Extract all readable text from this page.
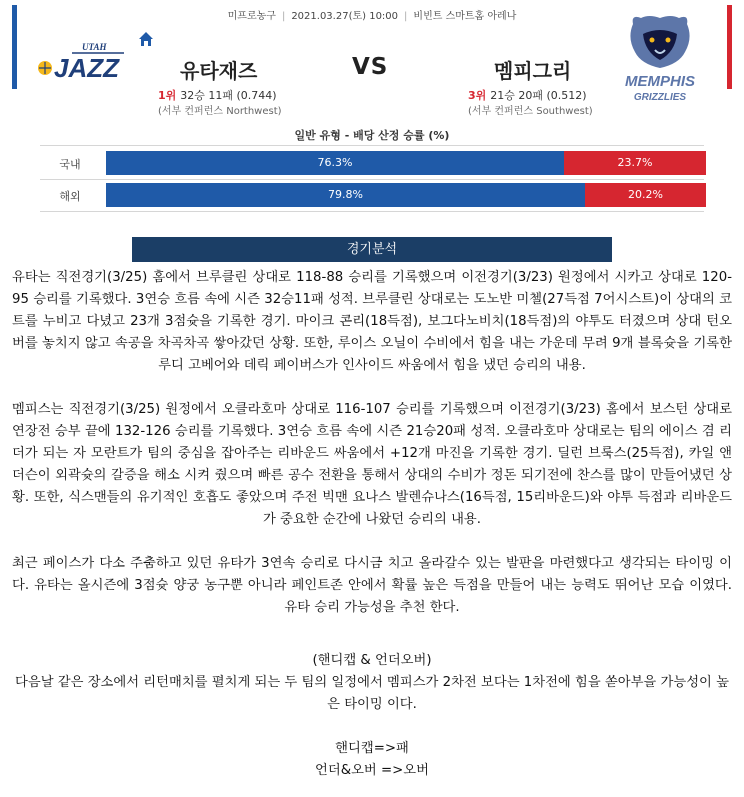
미프로농구 | 2021.03.27(토) 10:00 | 비빈트 스마트홈 아레나
UTAH
JAZZ	MEMPHIS
GRIZZLIES
유타재즈	VS	멤피그리
1위 32승 11패 (0.744)	3위 21승 20패 (0.512)
(서부 컨퍼런스 Northwest)	(서부 컨퍼런스 Southwest)
일반 유형 - 배당 산정 승률 (%)
국내	76.3%	23.7%
해외	79.8%	20.2%
경기분석

유타는 직전경기(3/25) 홈에서 브루클린 상대로 118-88 승리를 기록했으며 이전경기(3/23) 원정에서 시카고 상대로 120-95 승리를 기록했다. 3연승 흐름 속에 시즌 32승11패 성적. 브루클린 상대로는 도노반 미첼(27득점 7어시스트)이 상대의 코트를 누비고 다녔고 23개 3점슛을 기록한 경기. 마이크 콘리(18득점), 보그다노비치(18득점)의 야투도 터졌으며 상대 턴오버를 놓치지 않고 속공을 차곡차곡 쌓아갔던 상황. 또한, 루이스 오닐이 수비에서 힘을 내는 가운데 무려 9개 블록슛을 기록한 루디 고베어와 데릭 페이버스가 인사이드 싸움에서 힘을 냈던 승리의 내용.

멤피스는 직전경기(3/25) 원정에서 오클라호마 상대로 116-107 승리를 기록했으며 이전경기(3/23) 홈에서 보스턴 상대로 연장전 승부 끝에 132-126 승리를 기록했다. 3연승 흐름 속에 시즌 21승20패 성적. 오클라호마 상대로는 팀의 에이스 겸 리더가 되는 자 모란트가 팀의 중심을 잡아주는 리바운드 싸움에서 +12개 마진을 기록한 경기. 딜런 브룩스(25득점), 카일 앤더슨이 외곽슛의 갈증을 해소 시켜 줬으며 빠른 공수 전환을 통해서 상대의 수비가 정돈 되기전에 찬스를 많이 만들어냈던 상황. 또한, 식스맨들의 유기적인 호흡도 좋았으며 주전 빅맨 요나스 발렌슈나스(16득점, 15리바운드)와 야투 득점과 리바운드가 중요한 순간에 나왔던 승리의 내용.

최근 페이스가 다소 주춤하고 있던 유타가 3연속 승리로 다시금 치고 올라갈수 있는 발판을 마련했다고 생각되는 타이밍 이다. 유타는 올시즌에 3점슛 양궁 농구뿐 아니라 페인트존 안에서 확률 높은 득점을 만들어 내는 능력도 뛰어난 모습 이였다. 유타 승리 가능성을 추천 한다.

(핸디캡 & 언더오버)
다음날 같은 장소에서 리턴매치를 펼치게 되는 두 팀의 일정에서 멤피스가 2차전 보다는 1차전에 힘을 쏟아부을 가능성이 높은 타이밍 이다.
핸디캡=>패
언더&오버 =>오버
